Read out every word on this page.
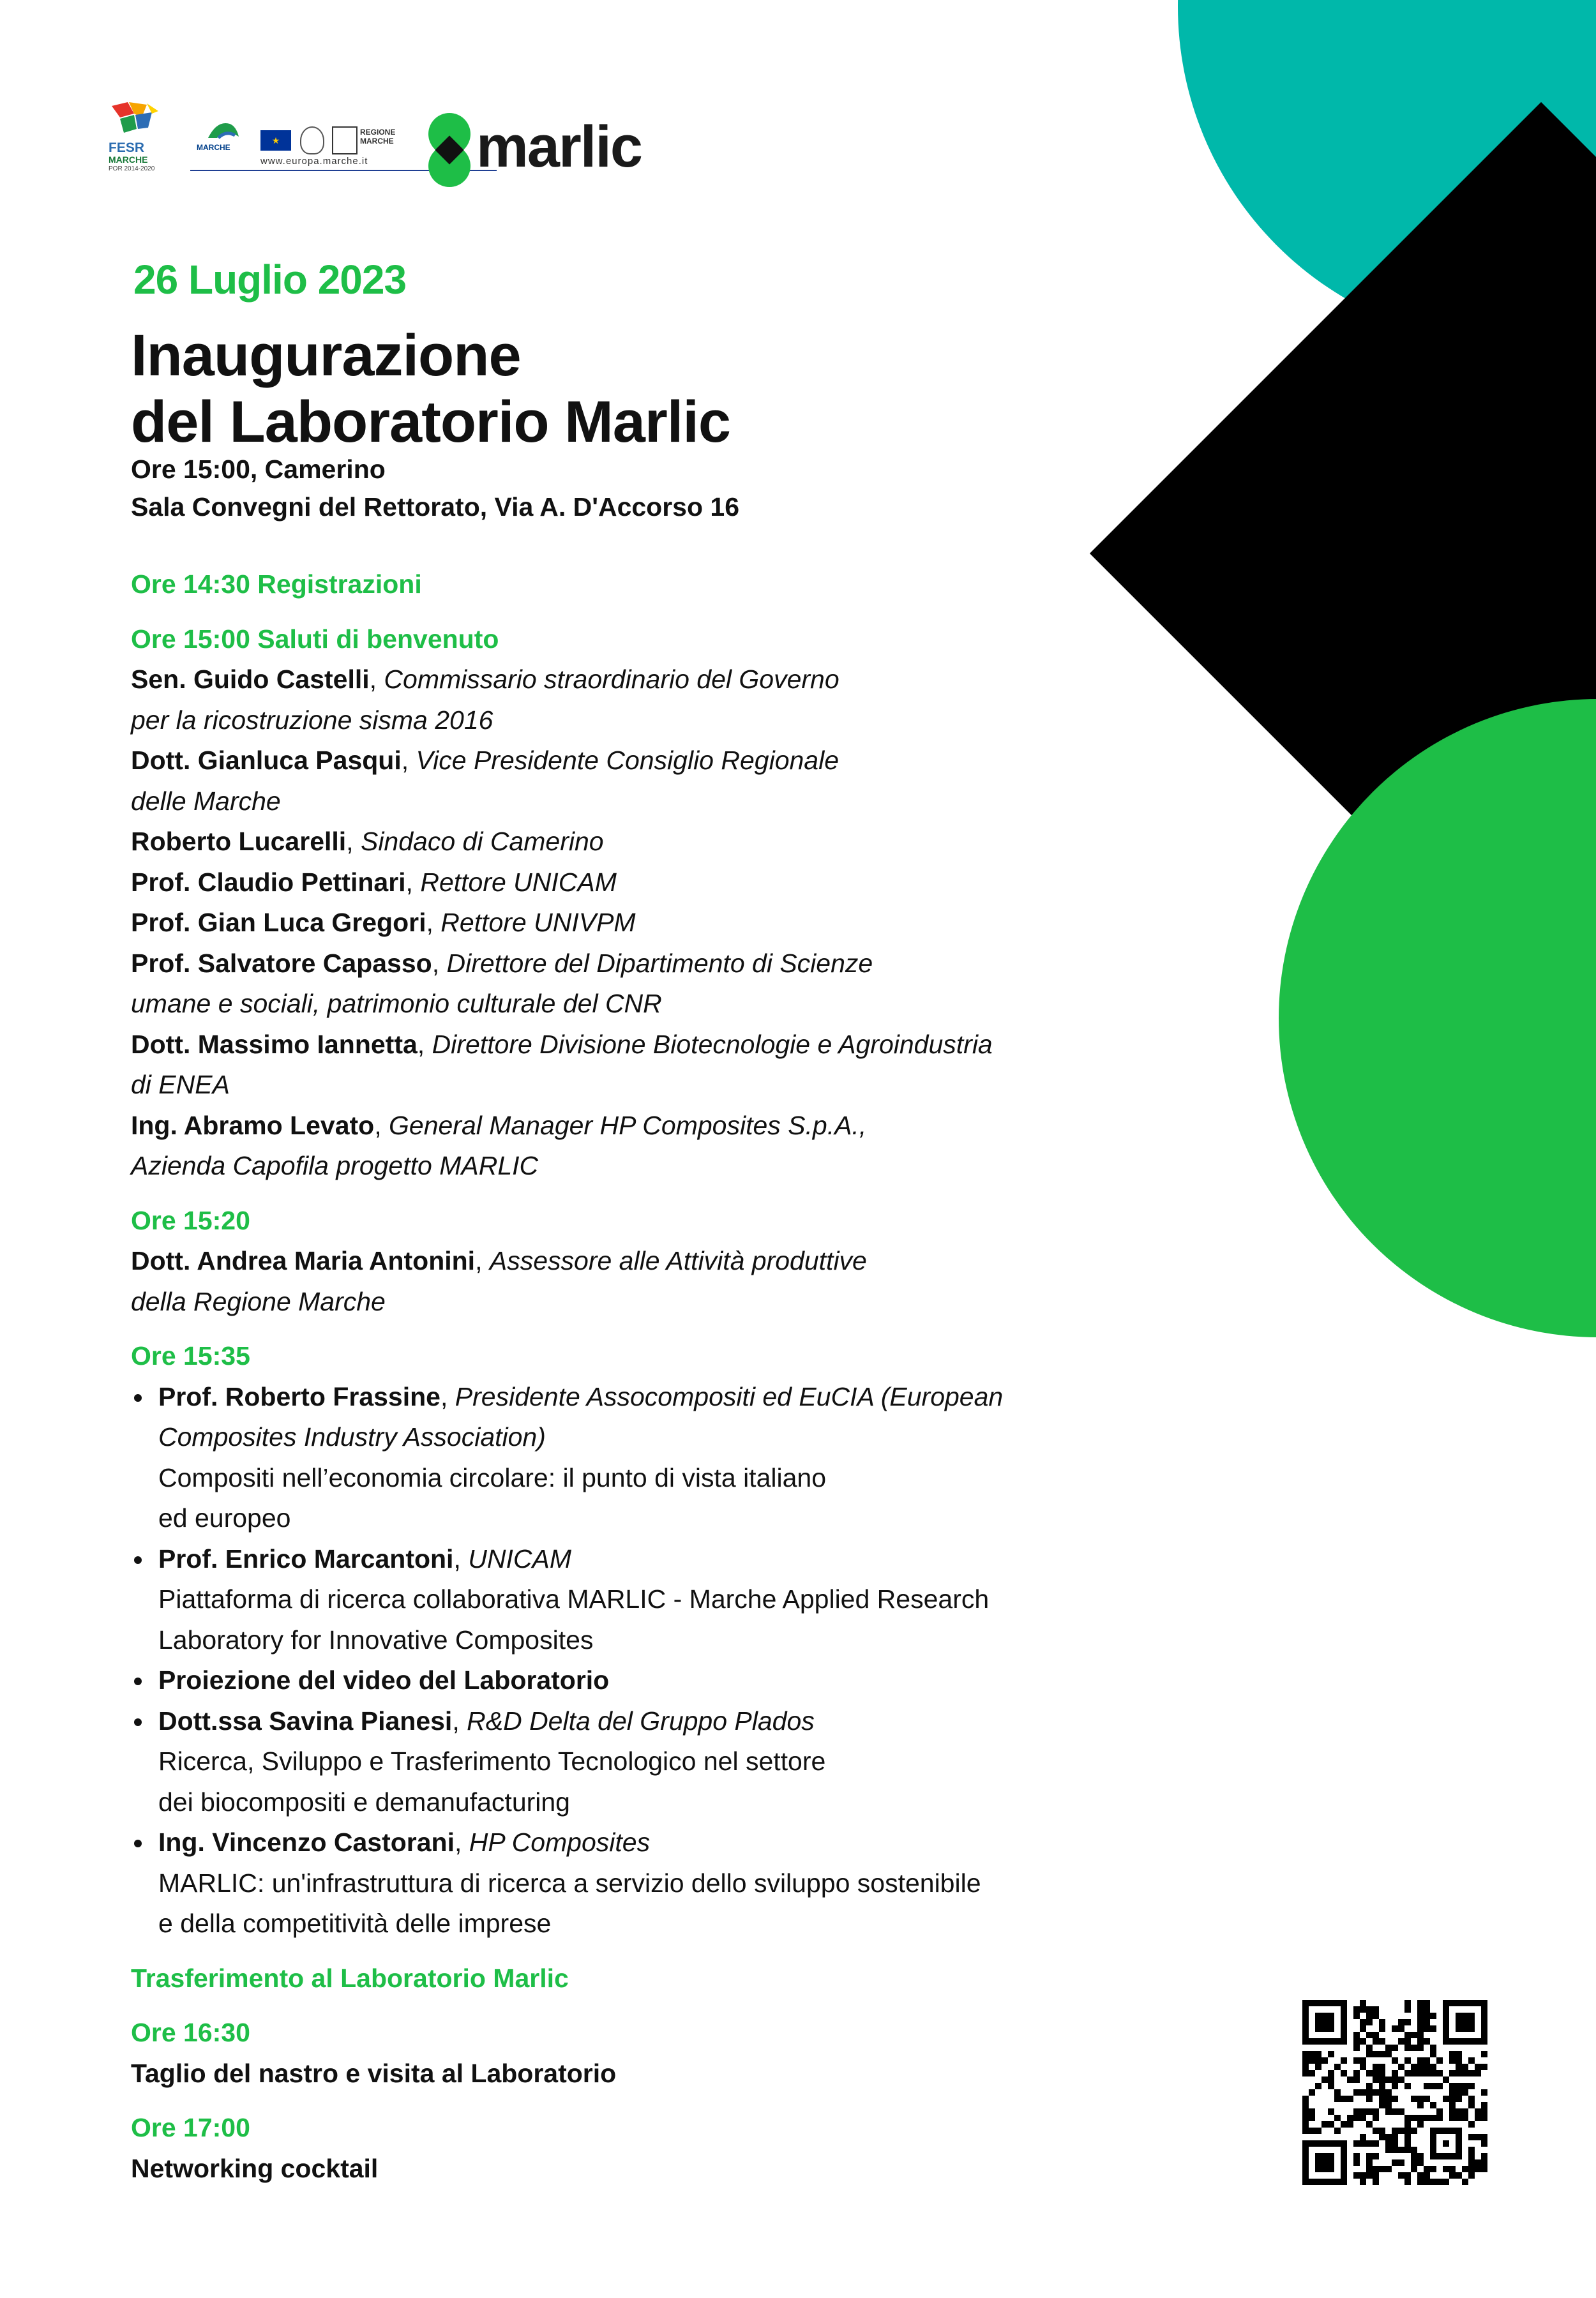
FESR
MARCHE
POR 2014-2020
MARCHE
★
REGIONE MARCHE
www.europa.marche.it marlic
26 Luglio 2023
Inaugurazione
del Laboratorio Marlic
Ore 15:00, Camerino
Sala Convegni del Rettorato, Via A. D'Accorso 16
Ore 14:30 Registrazioni
Ore 15:00 Saluti di benvenuto
Sen. Guido Castelli, Commissario straordinario del Governo
per la ricostruzione sisma 2016
Dott. Gianluca Pasqui, Vice Presidente Consiglio Regionale
delle Marche
Roberto Lucarelli, Sindaco di Camerino
Prof. Claudio Pettinari, Rettore UNICAM
Prof. Gian Luca Gregori, Rettore UNIVPM
Prof. Salvatore Capasso, Direttore del Dipartimento di Scienze
umane e sociali, patrimonio culturale del CNR
Dott. Massimo Iannetta, Direttore Divisione Biotecnologie e Agroindustria
di ENEA
Ing. Abramo Levato, General Manager HP Composites S.p.A.,
Azienda Capofila progetto MARLIC
Ore 15:20
Dott. Andrea Maria Antonini, Assessore alle Attività produttive
della Regione Marche
Ore 15:35
Prof. Roberto Frassine, Presidente Assocompositi ed EuCIA (European
Composites Industry Association)
Compositi nell’economia circolare: il punto di vista italiano
ed europeo
Prof. Enrico Marcantoni, UNICAM
Piattaforma di ricerca collaborativa MARLIC - Marche Applied Research
Laboratory for Innovative Composites
Proiezione del video del Laboratorio
Dott.ssa Savina Pianesi, R&D Delta del Gruppo Plados
Ricerca, Sviluppo e Trasferimento Tecnologico nel settore
dei biocompositi e demanufacturing
Ing. Vincenzo Castorani, HP Composites
MARLIC: un'infrastruttura di ricerca a servizio dello sviluppo sostenibile
e della competitività delle imprese
Trasferimento al Laboratorio Marlic
Ore 16:30
Taglio del nastro e visita al Laboratorio
Ore 17:00
Networking cocktail
